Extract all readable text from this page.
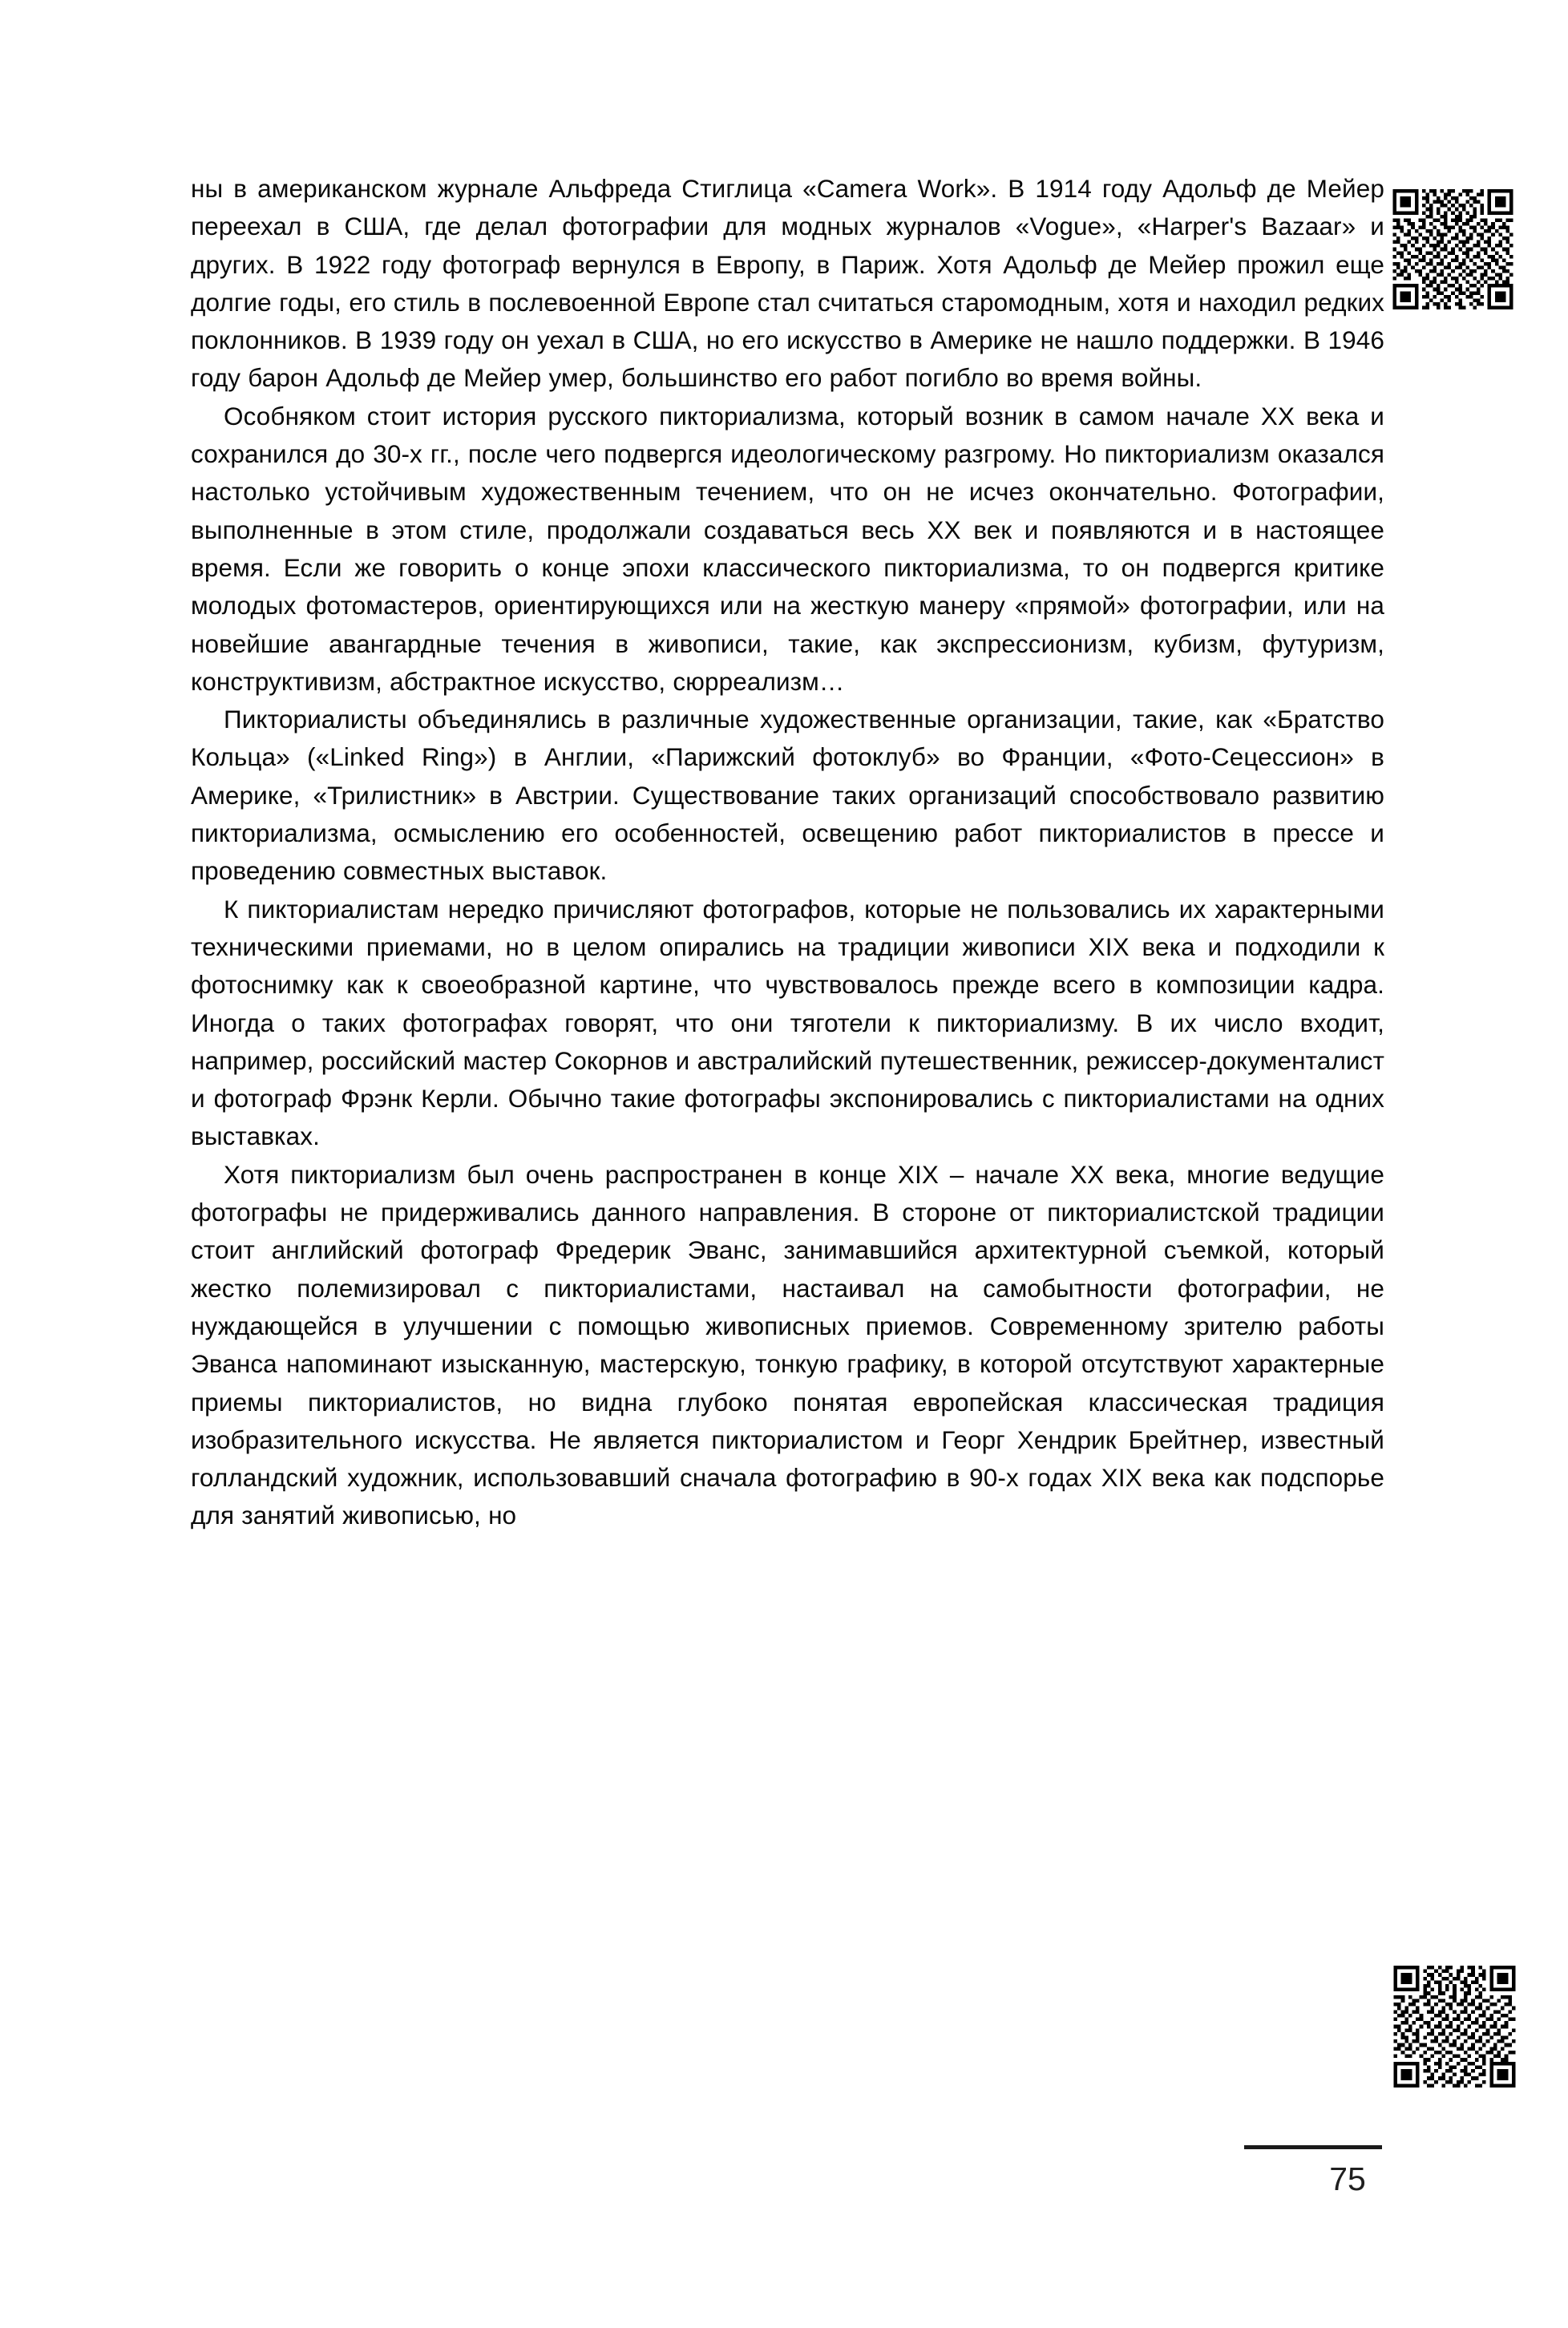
ны в американском журнале Альфреда Стиглица «Camera Work». В 1914 году Адольф де Мейер переехал в США, где делал фотографии для модных журналов «Vogue», «Harper's Bazaar» и других. В 1922 году фотограф вернулся в Европу, в Париж. Хотя Адольф де Мейер прожил еще долгие годы, его стиль в послевоенной Европе стал считаться старомодным, хотя и находил редких поклонников. В 1939 году он уехал в США, но его искусство в Америке не нашло поддержки. В 1946 году барон Адольф де Мейер умер, большинство его работ погибло во время войны.

Особняком стоит история русского пикториализма, который возник в самом начале XX века и сохранился до 30-х гг., после чего подвергся идеологическому разгрому. Но пикториализм оказался настолько устойчивым художественным течением, что он не исчез окончательно. Фотографии, выполненные в этом стиле, продолжали создаваться весь XX век и появляются и в настоящее время. Если же говорить о конце эпохи классического пикториализма, то он подвергся критике молодых фотомастеров, ориентирующихся или на жесткую манеру «прямой» фотографии, или на новейшие авангардные течения в живописи, такие, как экспрессионизм, кубизм, футуризм, конструктивизм, абстрактное искусство, сюрреализм…

Пикториалисты объединялись в различные художественные организации, такие, как «Братство Кольца» («Linked Ring») в Англии, «Парижский фотоклуб» во Франции, «Фото-Сецессион» в Америке, «Трилистник» в Австрии. Существование таких организаций способствовало развитию пикториализма, осмыслению его особенностей, освещению работ пикториалистов в прессе и проведению совместных выставок.

К пикториалистам нередко причисляют фотографов, которые не пользовались их характерными техническими приемами, но в целом опирались на традиции живописи XIX века и подходили к фотоснимку как к своеобразной картине, что чувствовалось прежде всего в композиции кадра. Иногда о таких фотографах говорят, что они тяготели к пикториализму. В их число входит, например, российский мастер Сокорнов и австралийский путешественник, режиссер-документалист и фотограф Фрэнк Керли. Обычно такие фотографы экспонировались с пикториалистами на одних выставках.

Хотя пикториализм был очень распространен в конце XIX – начале XX века, многие ведущие фотографы не придерживались данного направления. В стороне от пикториалистской традиции стоит английский фотограф Фредерик Эванс, занимавшийся архитектурной съемкой, который жестко полемизировал с пикториалистами, настаивал на самобытности фотографии, не нуждающейся в улучшении с помощью живописных приемов. Современному зрителю работы Эванса напоминают изысканную, мастерскую, тонкую графику, в которой отсутствуют характерные приемы пикториалистов, но видна глубоко понятая европейская классическая традиция изобразительного искусства. Не является пикториалистом и Георг Хендрик Брейтнер, известный голландский художник, использовавший сначала фотографию в 90-х годах XIX века как подспорье для занятий живописью, но

75
